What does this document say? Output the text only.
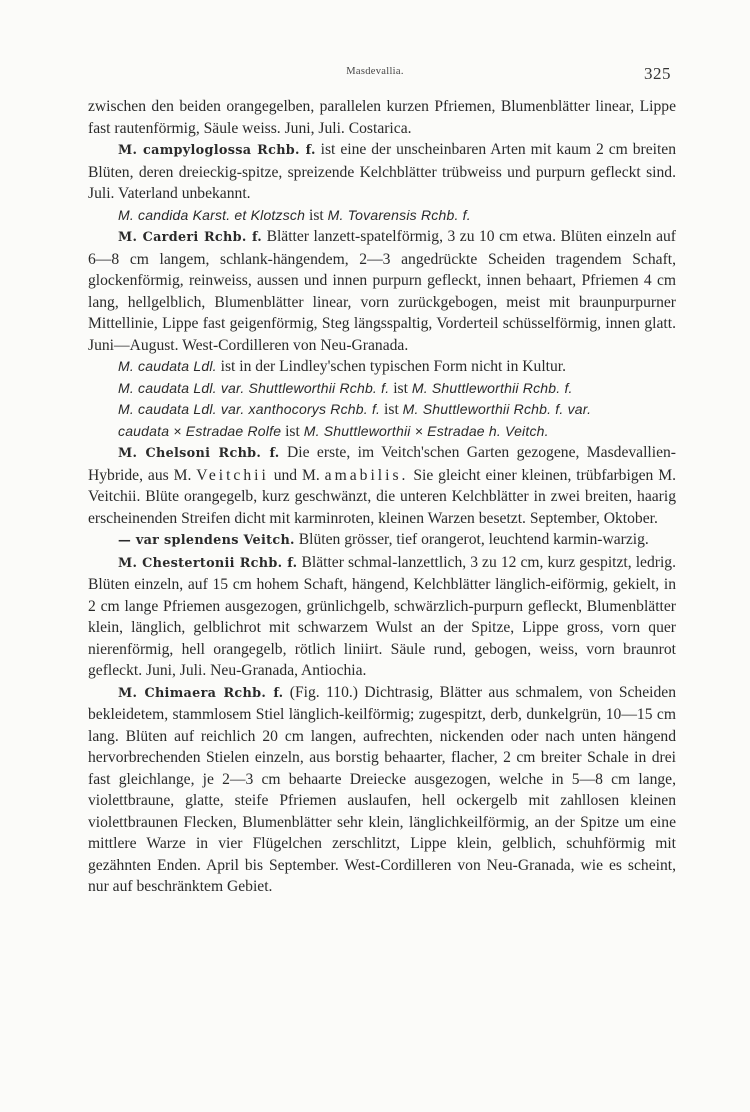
Masdevallia.	325

zwischen den beiden orangegelben, parallelen kurzen Pfriemen, Blumenblätter linear, Lippe fast rautenförmig, Säule weiss. Juni, Juli. Costarica.

M. campyloglossa Rchb. f. ist eine der unscheinbaren Arten mit kaum 2 cm breiten Blüten, deren dreieckig-spitze, spreizende Kelchblätter trübweiss und purpurn gefleckt sind. Juli. Vaterland unbekannt.

M. candida Karst. et Klotzsch ist M. Tovarensis Rchb. f.

M. Carderi Rchb. f. Blätter lanzett-spatelförmig, 3 zu 10 cm etwa. Blüten einzeln auf 6—8 cm langem, schlank-hängendem, 2—3 angedrückte Scheiden tragendem Schaft, glockenförmig, reinweiss, aussen und innen purpurn gefleckt, innen behaart, Pfriemen 4 cm lang, hellgelblich, Blumenblätter linear, vorn zurückgebogen, meist mit braunpurpurner Mittellinie, Lippe fast geigenförmig, Steg längsspaltig, Vorderteil schüsselförmig, innen glatt. Juni—August. West-Cordilleren von Neu-Granada.

M. caudata Ldl. ist in der Lindley'schen typischen Form nicht in Kultur.

M. caudata Ldl. var. Shuttleworthii Rchb. f. ist M. Shuttleworthii Rchb. f.

M. caudata Ldl. var. xanthocorys Rchb. f. ist M. Shuttleworthii Rchb. f. var.

caudata × Estradae Rolfe ist M. Shuttleworthii × Estradae h. Veitch.

M. Chelsoni Rchb. f. Die erste, im Veitch'schen Garten gezogene, Masdevallien-Hybride, aus M. Veitchii und M. amabilis. Sie gleicht einer kleinen, trübfarbigen M. Veitchii. Blüte orangegelb, kurz geschwänzt, die unteren Kelchblätter in zwei breiten, haarig erscheinenden Streifen dicht mit karminroten, kleinen Warzen besetzt. September, Oktober.

— var splendens Veitch. Blüten grösser, tief orangerot, leuchtend karmin-warzig.

M. Chestertonii Rchb. f. Blätter schmal-lanzettlich, 3 zu 12 cm, kurz gespitzt, ledrig. Blüten einzeln, auf 15 cm hohem Schaft, hängend, Kelchblätter länglich-eiförmig, gekielt, in 2 cm lange Pfriemen ausgezogen, grünlichgelb, schwärzlich-purpurn gefleckt, Blumenblätter klein, länglich, gelblichrot mit schwarzem Wulst an der Spitze, Lippe gross, vorn quer nierenförmig, hell orangegelb, rötlich liniirt. Säule rund, gebogen, weiss, vorn braunrot gefleckt. Juni, Juli. Neu-Granada, Antiochia.

M. Chimaera Rchb. f. (Fig. 110.) Dichtrasig, Blätter aus schmalem, von Scheiden bekleidetem, stammlosem Stiel länglich-keilförmig; zugespitzt, derb, dunkelgrün, 10—15 cm lang. Blüten auf reichlich 20 cm langen, aufrechten, nickenden oder nach unten hängend hervorbrechenden Stielen einzeln, aus borstig behaarter, flacher, 2 cm breiter Schale in drei fast gleichlange, je 2—3 cm behaarte Dreiecke ausgezogen, welche in 5—8 cm lange, violettbraune, glatte, steife Pfriemen auslaufen, hell ockergelb mit zahllosen kleinen violettbraunen Flecken, Blumenblätter sehr klein, länglichkeilförmig, an der Spitze um eine mittlere Warze in vier Flügelchen zerschlitzt, Lippe klein, gelblich, schuhförmig mit gezähnten Enden. April bis September. West-Cordilleren von Neu-Granada, wie es scheint, nur auf beschränktem Gebiet.
